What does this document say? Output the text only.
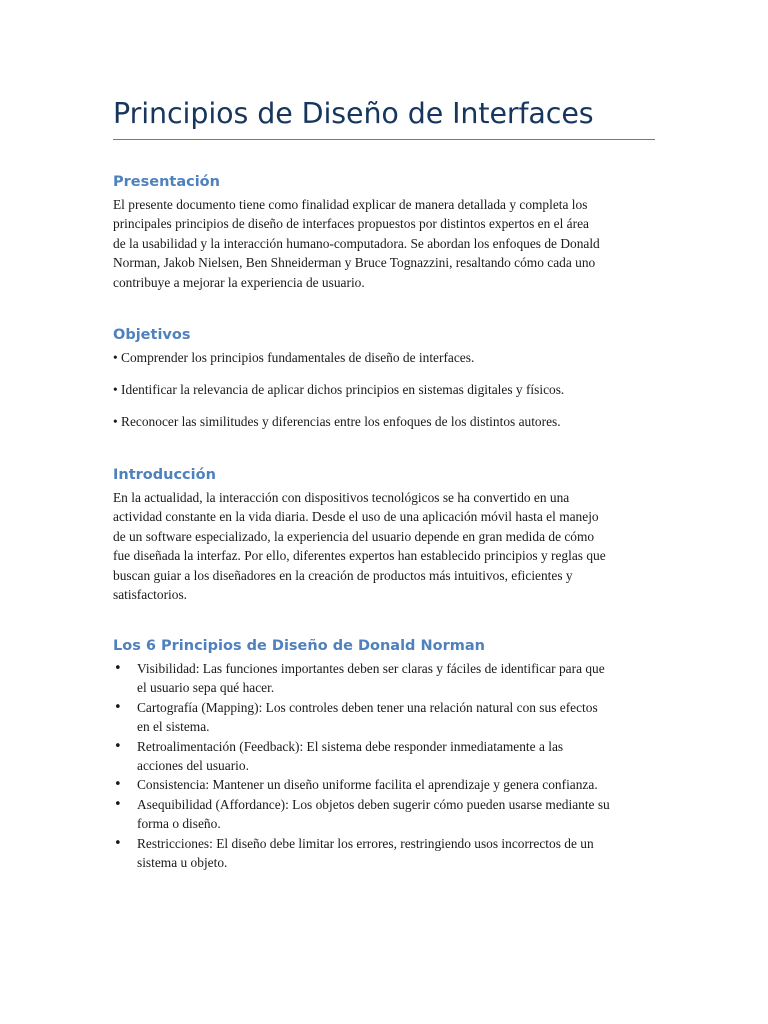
Principios de Diseño de Interfaces
Presentación

El presente documento tiene como finalidad explicar de manera detallada y completa los
principales principios de diseño de interfaces propuestos por distintos expertos en el área
de la usabilidad y la interacción humano-computadora. Se abordan los enfoques de Donald
Norman, Jakob Nielsen, Ben Shneiderman y Bruce Tognazzini, resaltando cómo cada uno
contribuye a mejorar la experiencia de usuario.

Objetivos

• Comprender los principios fundamentales de diseño de interfaces.

• Identificar la relevancia de aplicar dichos principios en sistemas digitales y físicos.

• Reconocer las similitudes y diferencias entre los enfoques de los distintos autores.

Introducción

En la actualidad, la interacción con dispositivos tecnológicos se ha convertido en una
actividad constante en la vida diaria. Desde el uso de una aplicación móvil hasta el manejo
de un software especializado, la experiencia del usuario depende en gran medida de cómo
fue diseñada la interfaz. Por ello, diferentes expertos han establecido principios y reglas que
buscan guiar a los diseñadores en la creación de productos más intuitivos, eficientes y
satisfactorios.

Los 6 Principios de Diseño de Donald Norman
• Visibilidad: Las funciones importantes deben ser claras y fáciles de identificar para que
el usuario sepa qué hacer.
• Cartografía (Mapping): Los controles deben tener una relación natural con sus efectos
en el sistema.
• Retroalimentación (Feedback): El sistema debe responder inmediatamente a las
acciones del usuario.
• Consistencia: Mantener un diseño uniforme facilita el aprendizaje y genera confianza.
• Asequibilidad (Affordance): Los objetos deben sugerir cómo pueden usarse mediante su
forma o diseño.
• Restricciones: El diseño debe limitar los errores, restringiendo usos incorrectos de un
sistema u objeto.
